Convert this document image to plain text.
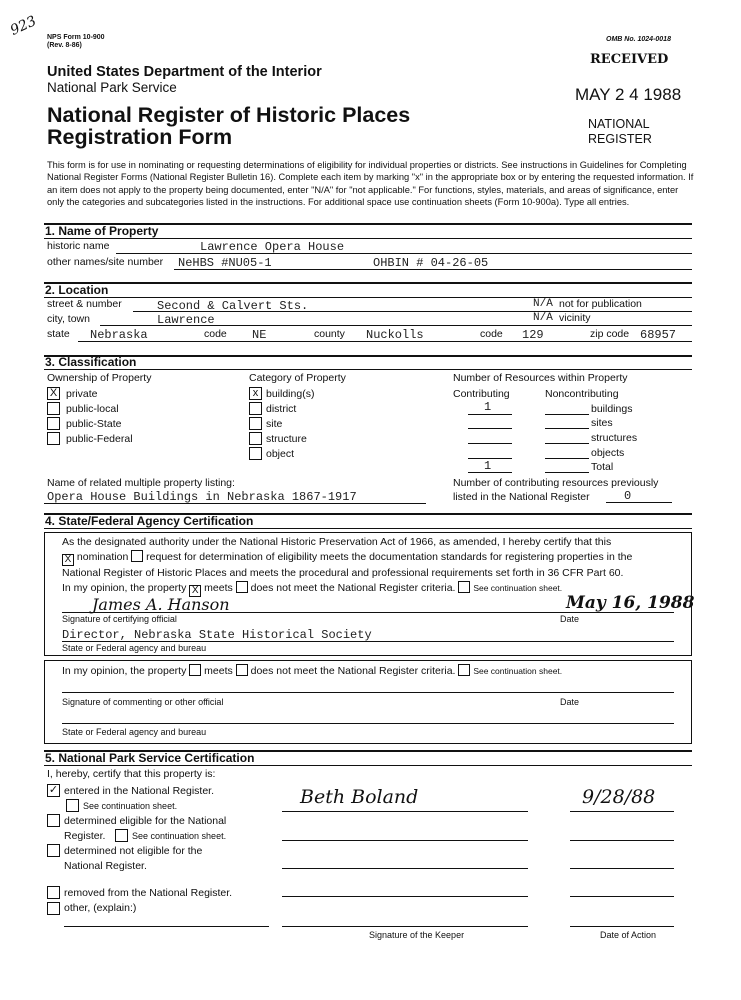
923 NPS Form 10-900
(Rev. 8-86)
OMB No. 1024-0018
RECEIVED
MAY 2 4 1988
NATIONAL
REGISTER
United States Department of the Interior
National Park Service
National Register of Historic Places
Registration Form
This form is for use in nominating or requesting determinations of eligibility for individual properties or districts. See instructions in Guidelines for Completing National Register Forms (National Register Bulletin 16). Complete each item by marking "x" in the appropriate box or by entering the requested information. If an item does not apply to the property being documented, enter "N/A" for "not applicable." For functions, styles, materials, and areas of significance, enter only the categories and subcategories listed in the instructions. For additional space use continuation sheets (Form 10-900a). Type all entries.
1. Name of Property
historic name	Lawrence Opera House
other names/site number NeHBS #NU05-1	OHBIN # 04-26-05
2. Location
street & number	Second & Calvert Sts.	N/A not for publication
city, town	Lawrence	N/A vicinity
state Nebraska	code NE	county Nuckolls	code 129	zip code 68957
3. Classification
Ownership of Property
X private
public-local
public-State
public-Federal
Category of Property
x building(s)
district
site
structure
object
Number of Resources within Property
Contributing	Noncontributing
1	buildings
sites
structures
objects
1	Total
Name of related multiple property listing:
Opera House Buildings in Nebraska 1867-1917
Number of contributing resources previously
listed in the National Register	0
4. State/Federal Agency Certification
As the designated authority under the National Historic Preservation Act of 1966, as amended, I hereby certify that this
X nomination request for determination of eligibility meets the documentation standards for registering properties in the
National Register of Historic Places and meets the procedural and professional requirements set forth in 36 CFR Part 60.
In my opinion, the property X meets does not meet the National Register criteria. See continuation sheet.
James A. Hanson	May 16, 1988
Signature of certifying official	Date
Director, Nebraska State Historical Society
State or Federal agency and bureau
In my opinion, the property meets does not meet the National Register criteria. See continuation sheet.
Signature of commenting or other official	Date
State or Federal agency and bureau
5. National Park Service Certification
I, hereby, certify that this property is:
✓ entered in the National Register.
See continuation sheet.
determined eligible for the National
Register.	See continuation sheet.
determined not eligible for the
National Register.
removed from the National Register.
other, (explain:)
Beth Boland	9/28/88
Signature of the Keeper	Date of Action
